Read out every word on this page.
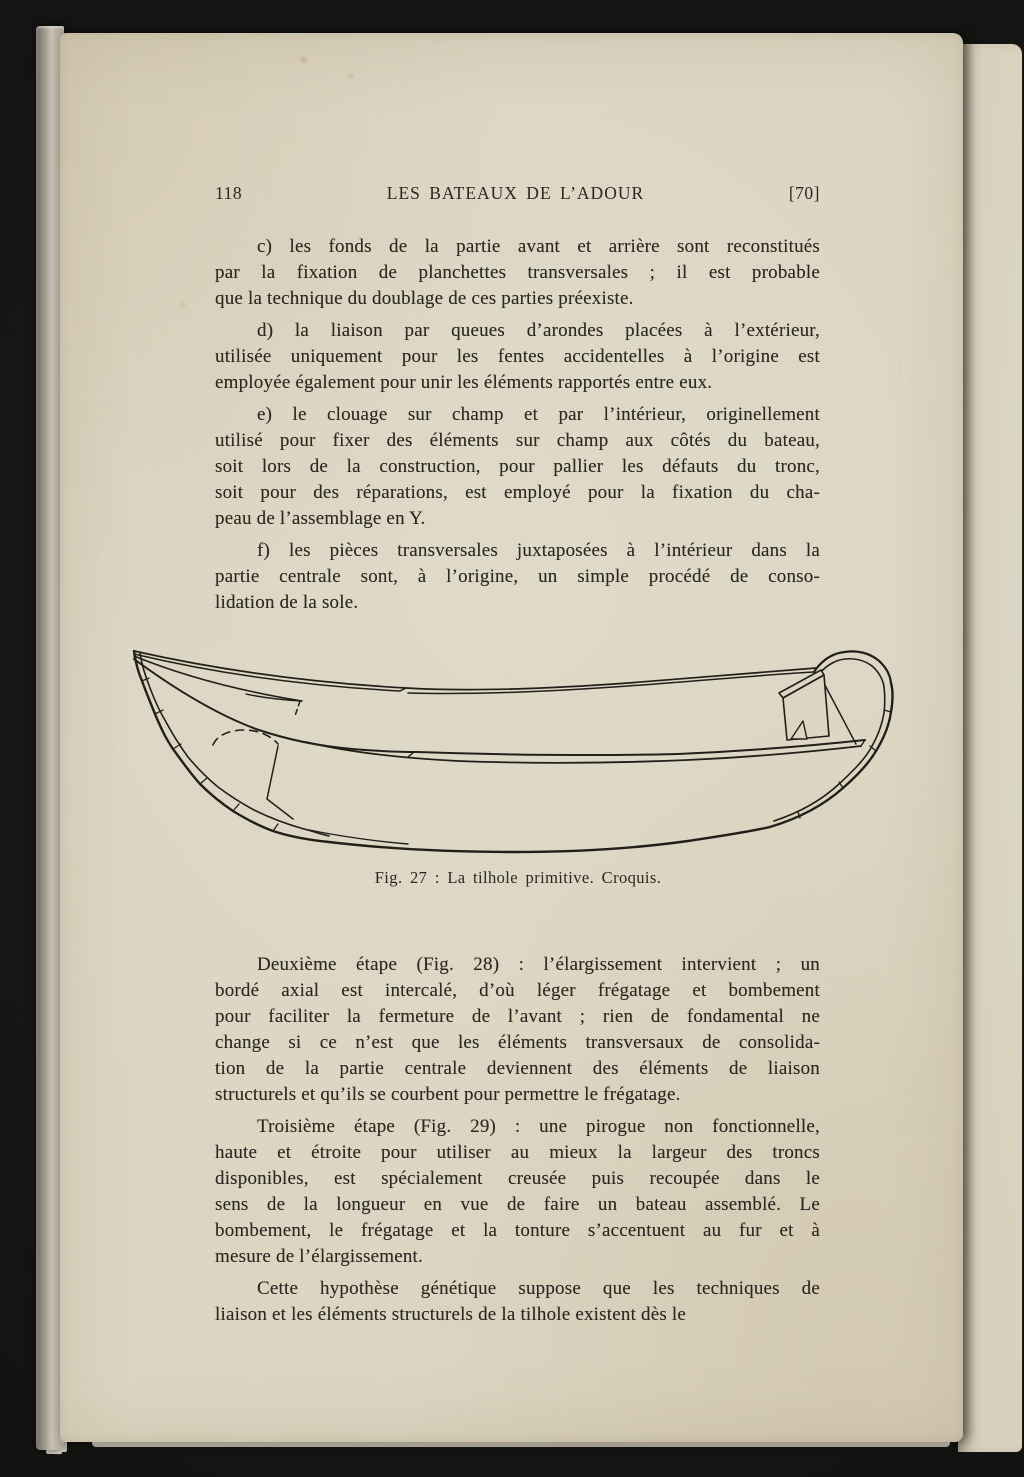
118	LES BATEAUX DE L’ADOUR	[70]
c) les fonds de la partie avant et arrière sont reconstitués
par la fixation de planchettes transversales ; il est probable
que la technique du doublage de ces parties préexiste.
d) la liaison par queues d’arondes placées à l’extérieur,
utilisée uniquement pour les fentes accidentelles à l’origine est
employée également pour unir les éléments rapportés entre eux.
e) le clouage sur champ et par l’intérieur, originellement
utilisé pour fixer des éléments sur champ aux côtés du bateau,
soit lors de la construction, pour pallier les défauts du tronc,
soit pour des réparations, est employé pour la fixation du cha-
peau de l’assemblage en Y.
f) les pièces transversales juxtaposées à l’intérieur dans la
partie centrale sont, à l’origine, un simple procédé de conso-
lidation de la sole.
Fig. 27 : La tilhole primitive. Croquis.
Deuxième étape (Fig. 28) : l’élargissement intervient ; un
bordé axial est intercalé, d’où léger frégatage et bombement
pour faciliter la fermeture de l’avant ; rien de fondamental ne
change si ce n’est que les éléments transversaux de consolida-
tion de la partie centrale deviennent des éléments de liaison
structurels et qu’ils se courbent pour permettre le frégatage.
Troisième étape (Fig. 29) : une pirogue non fonctionnelle,
haute et étroite pour utiliser au mieux la largeur des troncs
disponibles, est spécialement creusée puis recoupée dans le
sens de la longueur en vue de faire un bateau assemblé. Le
bombement, le frégatage et la tonture s’accentuent au fur et à
mesure de l’élargissement.
Cette hypothèse génétique suppose que les techniques de
liaison et les éléments structurels de la tilhole existent dès le
